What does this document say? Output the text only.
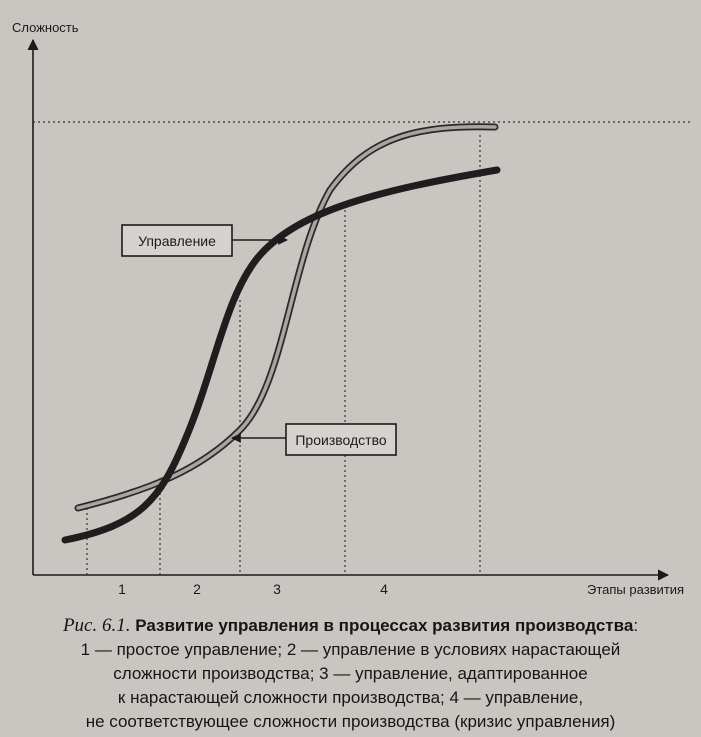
Сложность
Этапы развития
1	2	3	4
Управление
Производство
Рис. 6.1. Развитие управления в процессах развития производства:
1 — простое управление; 2 — управление в условиях нарастающей
сложности производства; 3 — управление, адаптированное
к нарастающей сложности производства; 4 — управление,
не соответствующее сложности производства (кризис управления)
